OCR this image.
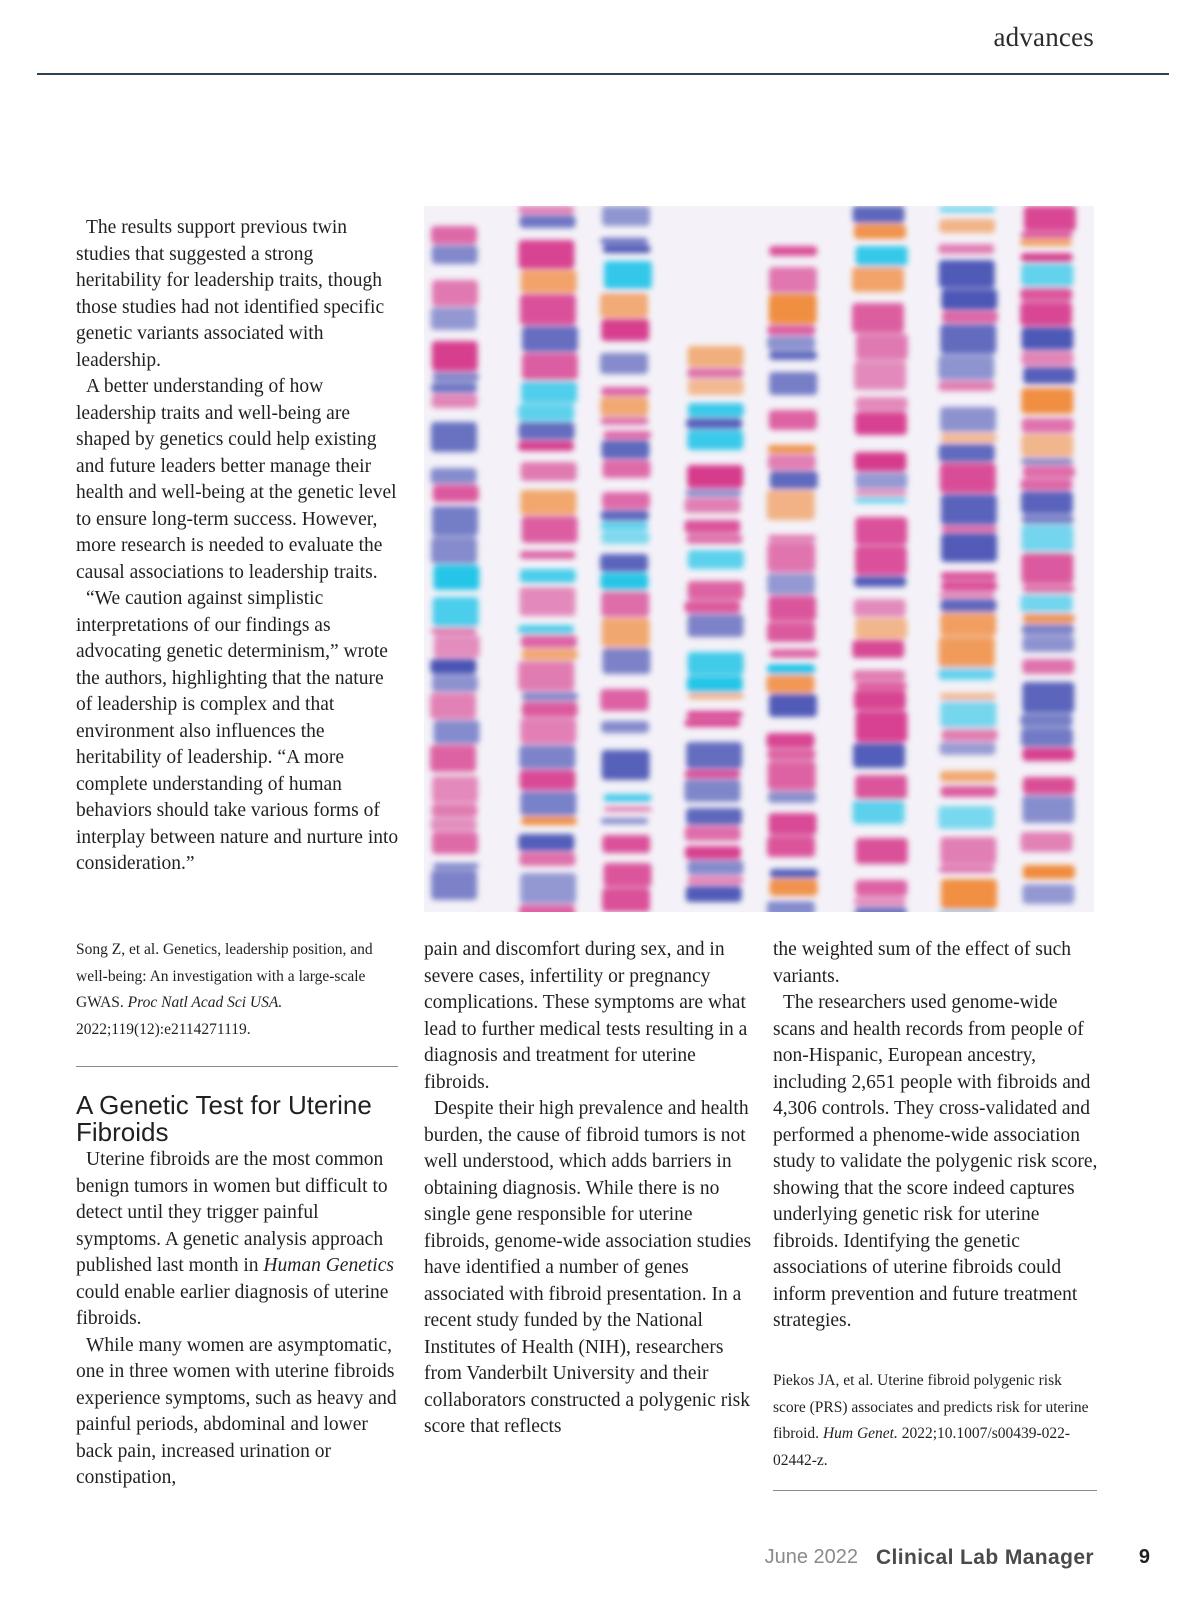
advances

The results support previous twin studies that suggested a strong heritability for leadership traits, though those studies had not identified specific genetic variants associated with leadership.

A better understanding of how leadership traits and well-being are shaped by genetics could help existing and future leaders better manage their health and well-being at the genetic level to ensure long-term success. However, more research is needed to evaluate the causal associations to leadership traits.

“We caution against simplistic interpretations of our findings as advocating genetic determinism,” wrote the authors, highlighting that the nature of leadership is complex and that environment also influences the heritability of leadership. “A more complete understanding of human behaviors should take various forms of interplay between nature and nurture into consideration.”

Song Z, et al. Genetics, leadership position, and well-being: An investigation with a large-scale GWAS. Proc Natl Acad Sci USA. 2022;119(12):e2114271119.
A Genetic Test for Uterine Fibroids

Uterine fibroids are the most common benign tumors in women but difficult to detect until they trigger painful symptoms. A genetic analysis approach published last month in Human Genetics could enable earlier diagnosis of uterine fibroids.

While many women are asymptomatic, one in three women with uterine fibroids experience symptoms, such as heavy and painful periods, abdominal and lower back pain, increased urination or constipation,

pain and discomfort during sex, and in severe cases, infertility or pregnancy complications. These symptoms are what lead to further medical tests resulting in a diagnosis and treatment for uterine fibroids.

Despite their high prevalence and health burden, the cause of fibroid tumors is not well understood, which adds barriers in obtaining diagnosis. While there is no single gene responsible for uterine fibroids, genome-wide association studies have identified a number of genes associated with fibroid presentation. In a recent study funded by the National Institutes of Health (NIH), researchers from Vanderbilt University and their collaborators constructed a polygenic risk score that reflects

the weighted sum of the effect of such variants.

The researchers used genome-wide scans and health records from people of non-Hispanic, European ancestry, including 2,651 people with fibroids and 4,306 controls. They cross-validated and performed a phenome-wide association study to validate the polygenic risk score, showing that the score indeed captures underlying genetic risk for uterine fibroids. Identifying the genetic associations of uterine fibroids could inform prevention and future treatment strategies.

Piekos JA, et al. Uterine fibroid polygenic risk score (PRS) associates and predicts risk for uterine fibroid. Hum Genet. 2022;10.1007/s00439-022-02442-z.
June 2022 Clinical Lab Manager 9
